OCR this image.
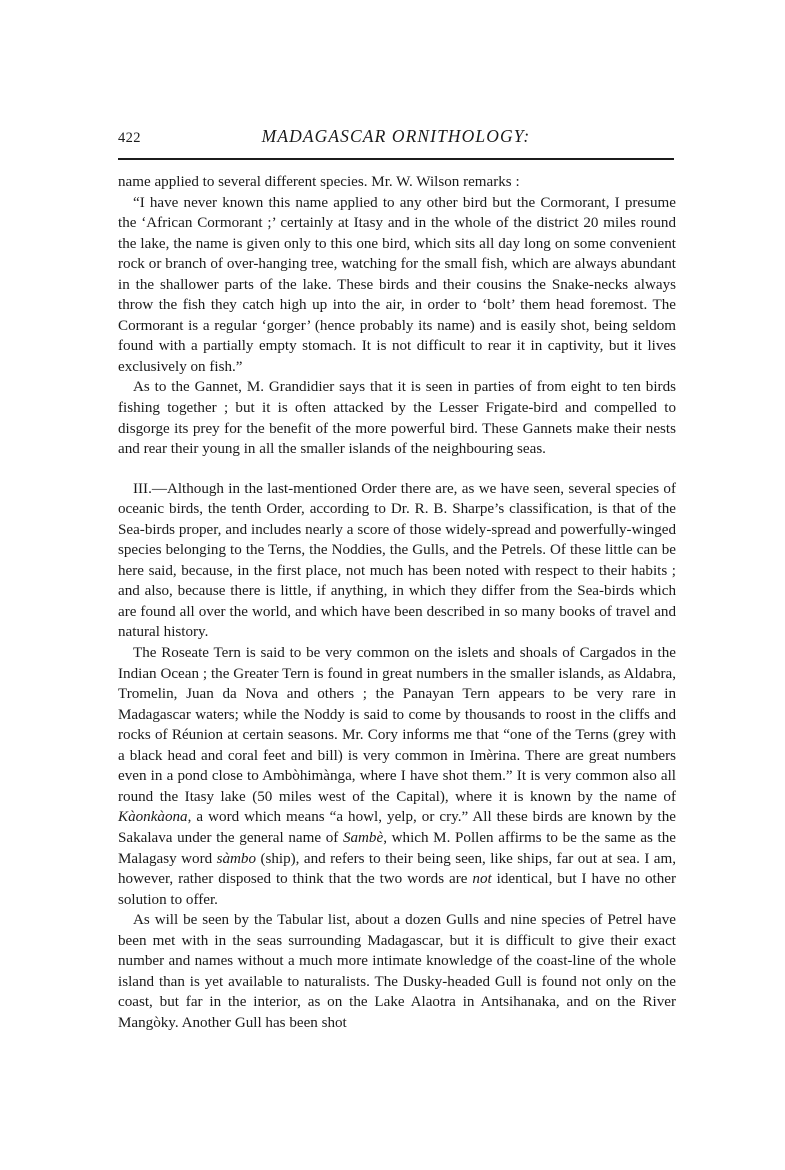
422	MADAGASCAR ORNITHOLOGY:

name applied to several different species. Mr. W. Wilson remarks :

“I have never known this name applied to any other bird but the Cormorant, I presume the ‘African Cormorant ;’ certainly at Itasy and in the whole of the district 20 miles round the lake, the name is given only to this one bird, which sits all day long on some convenient rock or branch of over-hanging tree, watching for the small fish, which are always abundant in the shallower parts of the lake. These birds and their cousins the Snake-necks always throw the fish they catch high up into the air, in order to ‘bolt’ them head foremost. The Cormorant is a regular ‘gorger’ (hence probably its name) and is easily shot, being seldom found with a partially empty stomach. It is not difficult to rear it in captivity, but it lives exclusively on fish.”

As to the Gannet, M. Grandidier says that it is seen in parties of from eight to ten birds fishing together ; but it is often attacked by the Lesser Frigate-bird and compelled to disgorge its prey for the benefit of the more powerful bird. These Gannets make their nests and rear their young in all the smaller islands of the neighbouring seas.

III.—Although in the last-mentioned Order there are, as we have seen, several species of oceanic birds, the tenth Order, according to Dr. R. B. Sharpe’s classification, is that of the Sea-birds proper, and includes nearly a score of those widely-spread and powerfully-winged species belonging to the Terns, the Noddies, the Gulls, and the Petrels. Of these little can be here said, because, in the first place, not much has been noted with respect to their habits ; and also, because there is little, if anything, in which they differ from the Sea-birds which are found all over the world, and which have been described in so many books of travel and natural history.

The Roseate Tern is said to be very common on the islets and shoals of Cargados in the Indian Ocean ; the Greater Tern is found in great numbers in the smaller islands, as Aldabra, Tromelin, Juan da Nova and others ; the Panayan Tern appears to be very rare in Madagascar waters; while the Noddy is said to come by thousands to roost in the cliffs and rocks of Réunion at certain seasons. Mr. Cory informs me that “one of the Terns (grey with a black head and coral feet and bill) is very common in Imèrina. There are great numbers even in a pond close to Ambòhimànga, where I have shot them.” It is very common also all round the Itasy lake (50 miles west of the Capital), where it is known by the name of Kàonkàona, a word which means “a howl, yelp, or cry.” All these birds are known by the Sakalava under the general name of Sambè, which M. Pollen affirms to be the same as the Malagasy word sàmbo (ship), and refers to their being seen, like ships, far out at sea. I am, however, rather disposed to think that the two words are not identical, but I have no other solution to offer.

As will be seen by the Tabular list, about a dozen Gulls and nine species of Petrel have been met with in the seas surrounding Madagascar, but it is difficult to give their exact number and names without a much more intimate knowledge of the coast-line of the whole island than is yet available to naturalists. The Dusky-headed Gull is found not only on the coast, but far in the interior, as on the Lake Alaotra in Antsihanaka, and on the River Mangòky. Another Gull has been shot
